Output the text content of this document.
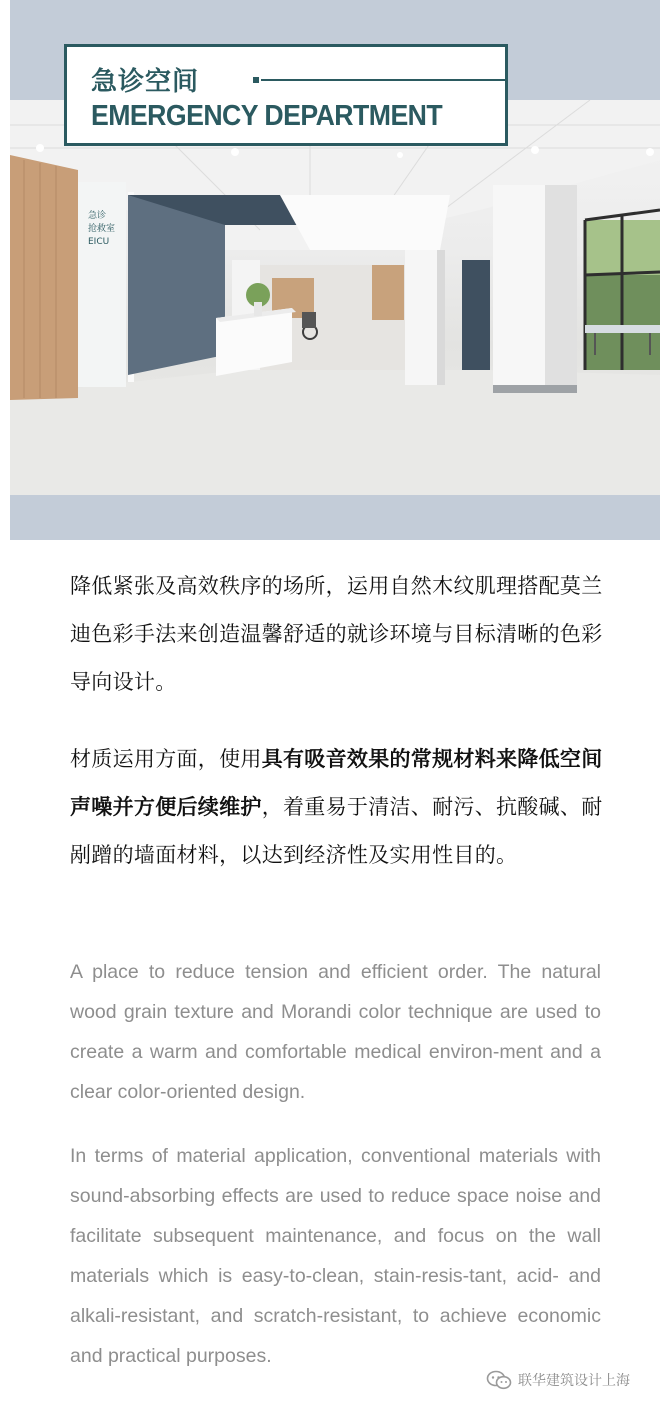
急诊
抢救室
EICU
急诊空间
EMERGENCY DEPARTMENT

降低紧张及高效秩序的场所，运用自然木纹肌理搭配莫兰迪色彩手法来创造温馨舒适的就诊环境与目标清晰的色彩导向设计。

材质运用方面，使用具有吸音效果的常规材料来降低空间声噪并方便后续维护，着重易于清洁、耐污、抗酸碱、耐剐蹭的墙面材料，以达到经济性及实用性目的。

A place to reduce tension and efficient order. The natural wood grain texture and Morandi color technique are used to create a warm and comfortable medical environ-ment and a clear color-oriented design.

In terms of material application, conventional materials with sound-absorbing effects are used to reduce space noise and facilitate subsequent maintenance, and focus on the wall materials which is easy-to-clean, stain-resis-tant, acid- and alkali-resistant, and scratch-resistant, to achieve economic and practical purposes.

联华建筑设计上海
